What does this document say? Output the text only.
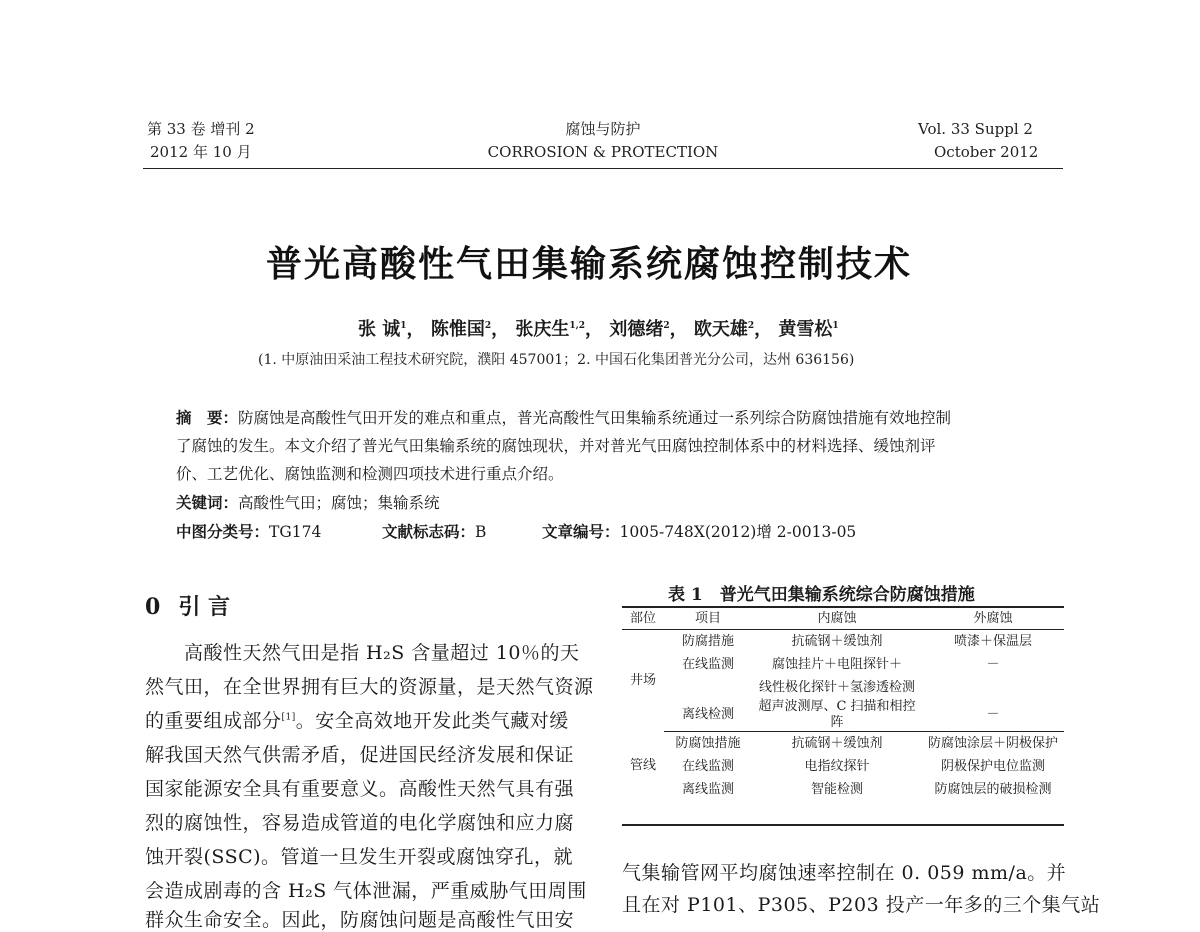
第 33 卷 增刊 2
2012 年 10 月
腐蚀与防护
CORROSION & PROTECTION
Vol. 33 Suppl 2
October 2012
普光高酸性气田集输系统腐蚀控制技术
张 诚$^1$， 陈惟国$^2$， 张庆生$^{1,2}$， 刘德绪$^2$， 欧天雄$^2$， 黄雪松$^1$
(1. 中原油田采油工程技术研究院，濮阳 457001；2. 中国石化集团普光分公司，达州 636156)
摘　要：防腐蚀是高酸性气田开发的难点和重点，普光高酸性气田集输系统通过一系列综合防腐蚀措施有效地控制
了腐蚀的发生。本文介绍了普光气田集输系统的腐蚀现状，并对普光气田腐蚀控制体系中的材料选择、缓蚀剂评
价、工艺优化、腐蚀监测和检测四项技术进行重点介绍。
关键词：高酸性气田；腐蚀；集输系统
中图分类号：TG174	文献标志码：B	文章编号：1005-748X(2012)增 2-0013-05
0 引 言
　　高酸性天然气田是指 H₂S 含量超过 10％的天
然气田，在全世界拥有巨大的资源量，是天然气资源
的重要组成部分[1]。安全高效地开发此类气藏对缓
解我国天然气供需矛盾，促进国民经济发展和保证
国家能源安全具有重要意义。高酸性天然气具有强
烈的腐蚀性，容易造成管道的电化学腐蚀和应力腐
蚀开裂(SSC)。管道一旦发生开裂或腐蚀穿孔，就
会造成剧毒的含 H₂S 气体泄漏，严重威胁气田周围
群众生命安全。因此，防腐蚀问题是高酸性气田安
表 1　普光气田集输系统综合防腐蚀措施
部位	项目	内腐蚀	外腐蚀
井场	防腐措施	抗硫钢＋缓蚀剂	喷漆＋保温层
	在线监测	腐蚀挂片＋电阻探针＋	－
		线性极化探针＋氢渗透检测	
	离线检测	超声波测厚、C 扫描和相控阵	－
管线	防腐蚀措施	抗硫钢＋缓蚀剂	防腐蚀涂层＋阴极保护
	在线监测	电指纹探针	阴极保护电位监测
	离线监测	智能检测	防腐蚀层的破损检测
气集输管网平均腐蚀速率控制在 0. 059 mm/a。并
且在对 P101、P305、P203 投产一年多的三个集气站
